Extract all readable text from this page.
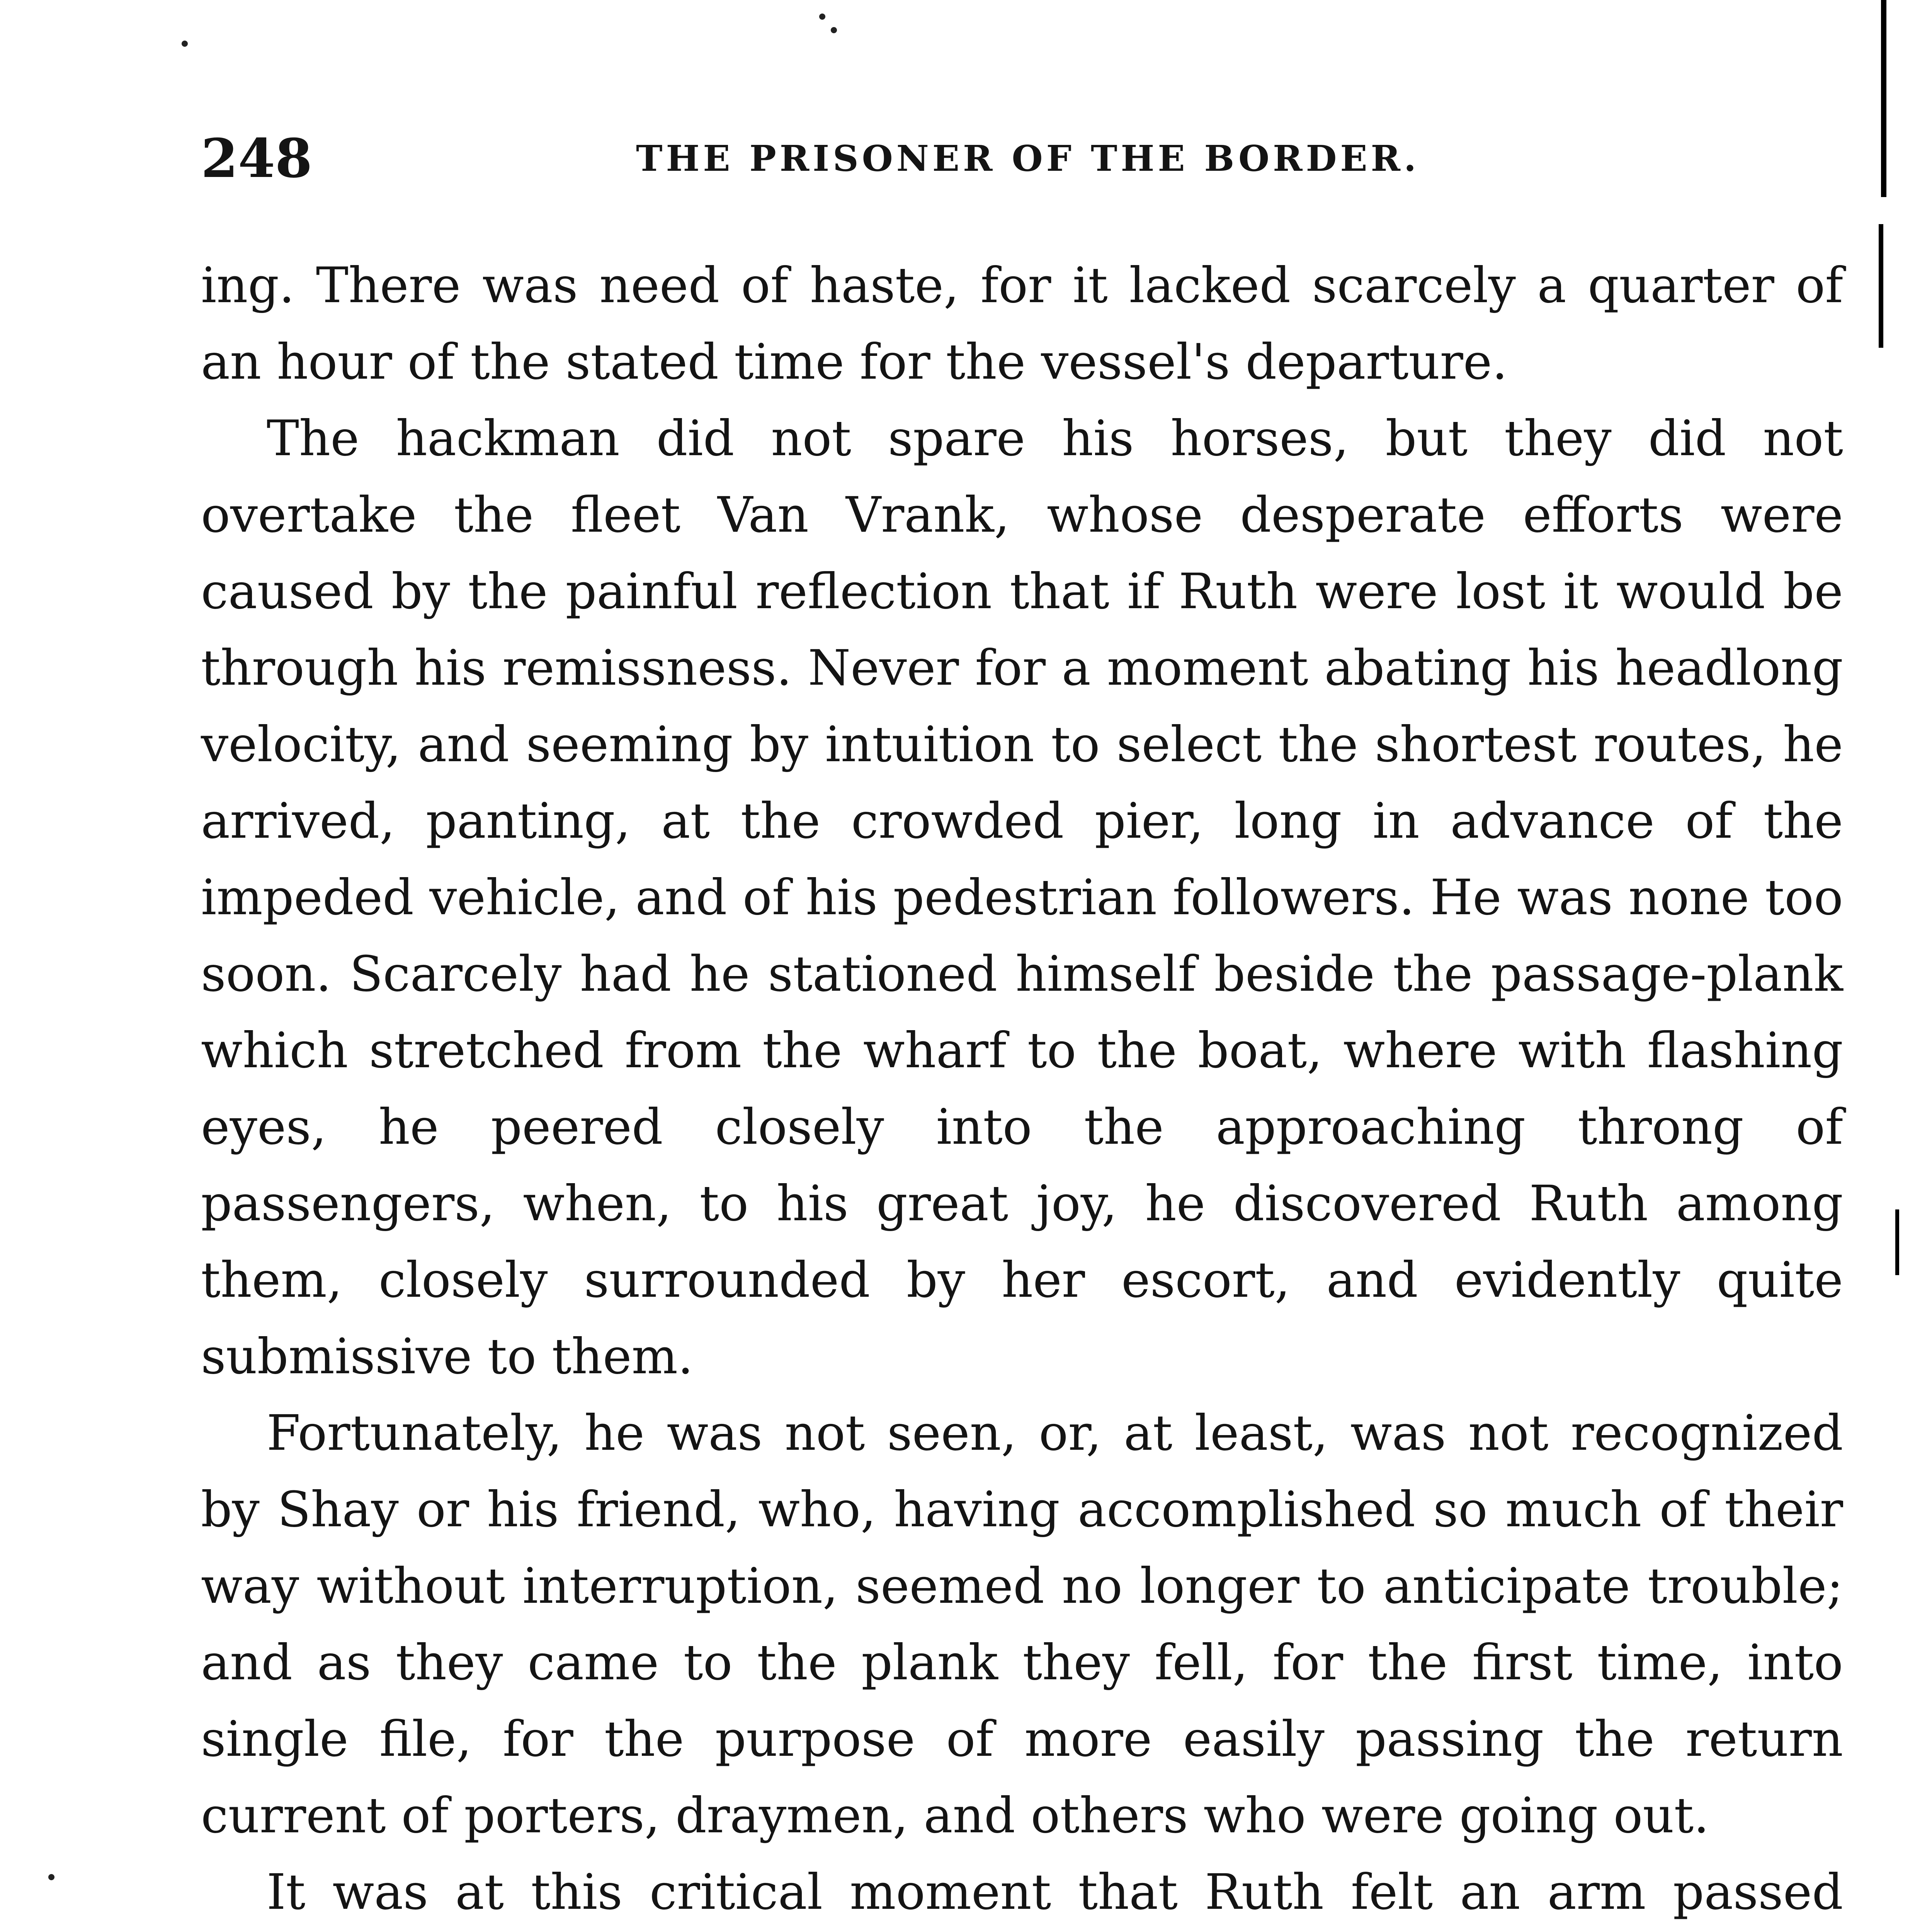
248	THE PRISONER OF THE BORDER.

ing. There was need of haste, for it lacked scarcely a quarter of an hour of the stated time for the vessel's departure.

The hackman did not spare his horses, but they did not overtake the fleet Van Vrank, whose desperate efforts were caused by the painful reflection that if Ruth were lost it would be through his remissness. Never for a moment abating his headlong velocity, and seeming by intuition to select the shortest routes, he arrived, panting, at the crowded pier, long in advance of the impeded vehicle, and of his pedestrian followers. He was none too soon. Scarcely had he stationed himself beside the passage-plank which stretched from the wharf to the boat, where with flashing eyes, he peered closely into the approaching throng of passengers, when, to his great joy, he discovered Ruth among them, closely surrounded by her escort, and evidently quite submissive to them.

Fortunately, he was not seen, or, at least, was not recognized by Shay or his friend, who, having accomplished so much of their way without interruption, seemed no longer to anticipate trouble; and as they came to the plank they fell, for the first time, into single file, for the purpose of more easily passing the return current of porters, draymen, and others who were going out.

It was at this critical moment that Ruth felt an arm passed
